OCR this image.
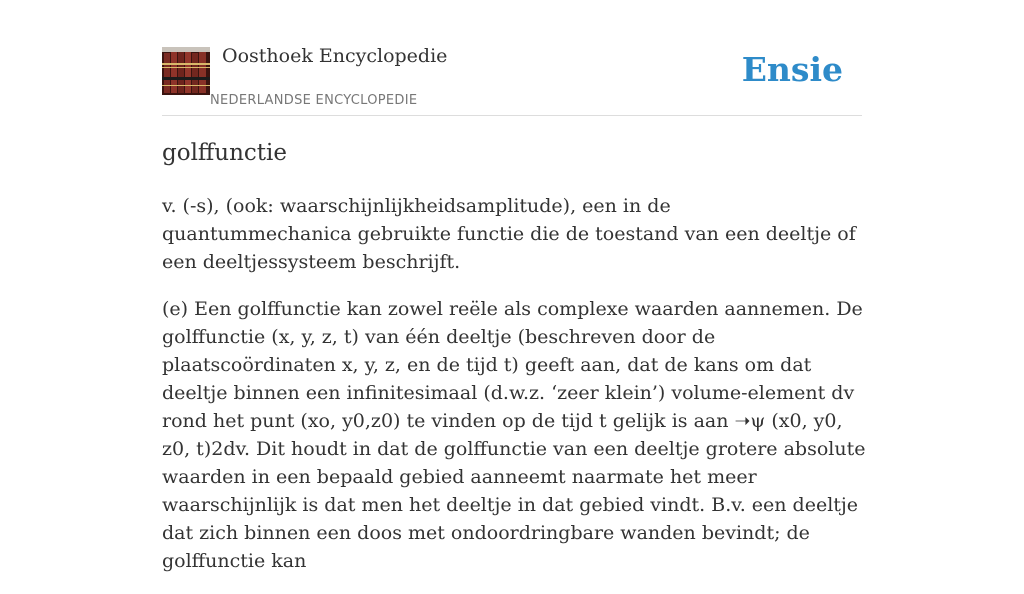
Oosthoek Encyclopedie
NEDERLANDSE ENCYCLOPEDIE
Ensie
golffunctie

v. (-s), (ook: waarschijnlijkheidsamplitude), een in de quantummechanica gebruikte functie die de toestand van een deeltje of een deeltjessysteem beschrijft.

(e) Een golffunctie kan zowel reële als complexe waarden aannemen. De golffunctie (x, y, z, t) van één deeltje (beschreven door de plaatscoördinaten x, y, z, en de tijd t) geeft aan, dat de kans om dat deeltje binnen een infinitesimaal (d.w.z. ‘zeer klein’) volume-element dv rond het punt (xo, y0,z0) te vinden op de tijd t gelijk is aan ➝ψ (x0, y0, z0, t)2dv. Dit houdt in dat de golffunctie van een deeltje grotere absolute waarden in een bepaald gebied aanneemt naarmate het meer waarschijnlijk is dat men het deeltje in dat gebied vindt. B.v. een deeltje dat zich binnen een doos met ondoordringbare wanden bevindt; de golffunctie kan
